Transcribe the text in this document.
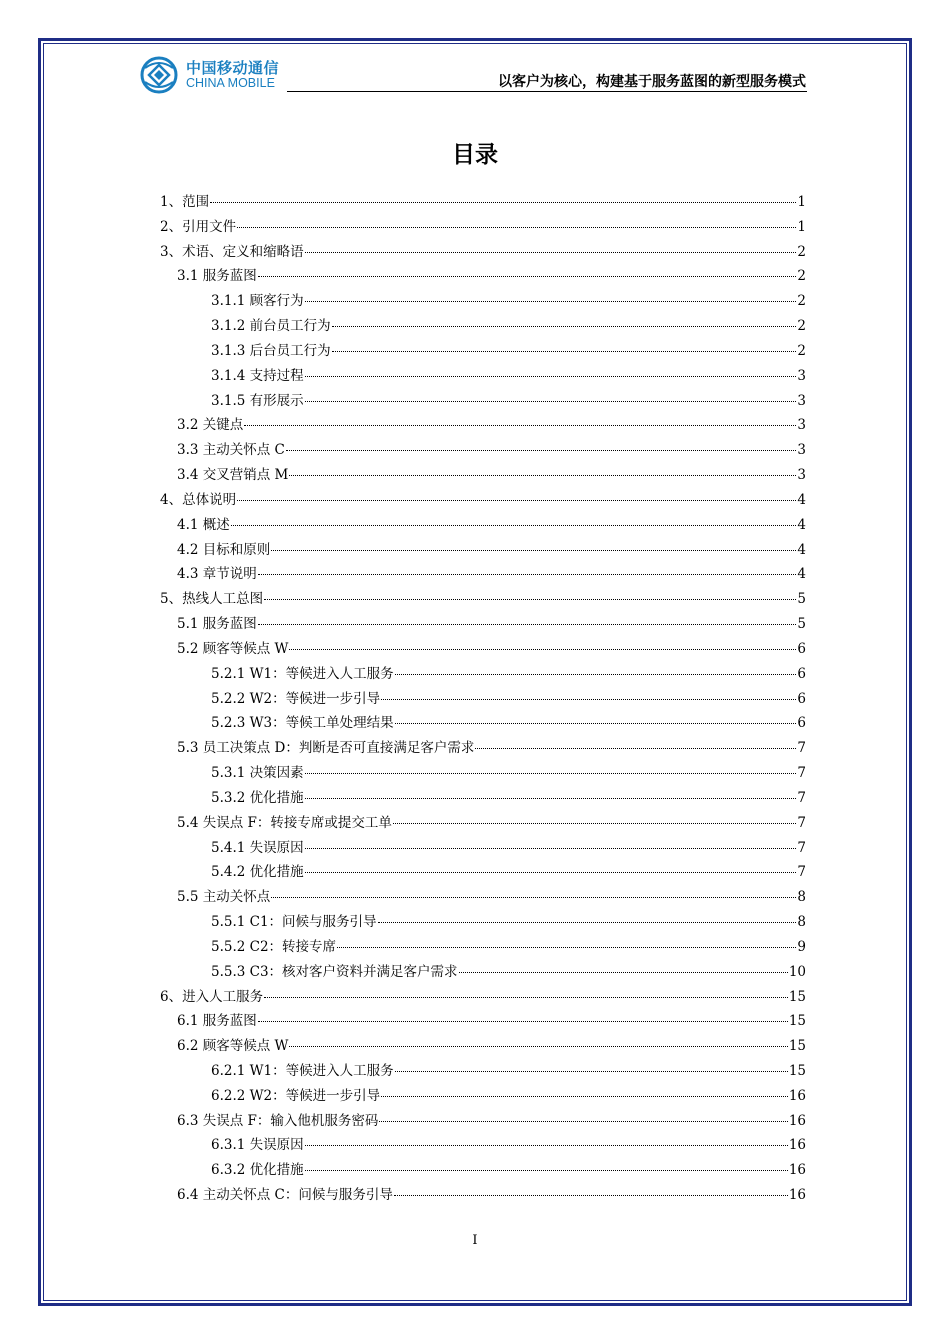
中国移动通信
CHINA MOBILE	以客户为核心，构建基于服务蓝图的新型服务模式
目录
1、范围	1
2、引用文件	1
3、术语、定义和缩略语	2
3.1 服务蓝图	2
3.1.1 顾客行为	2
3.1.2 前台员工行为	2
3.1.3 后台员工行为	2
3.1.4 支持过程	3
3.1.5 有形展示	3
3.2 关键点	3
3.3 主动关怀点 C	3
3.4 交叉营销点 M	3
4、总体说明	4
4.1 概述	4
4.2 目标和原则	4
4.3 章节说明	4
5、热线人工总图	5
5.1 服务蓝图	5
5.2 顾客等候点 W	6
5.2.1 W1：等候进入人工服务	6
5.2.2 W2：等候进一步引导	6
5.2.3 W3：等候工单处理结果	6
5.3 员工决策点 D：判断是否可直接满足客户需求	7
5.3.1 决策因素	7
5.3.2 优化措施	7
5.4 失误点 F：转接专席或提交工单	7
5.4.1 失误原因	7
5.4.2 优化措施	7
5.5 主动关怀点	8
5.5.1 C1：问候与服务引导	8
5.5.2 C2：转接专席	9
5.5.3 C3：核对客户资料并满足客户需求	10
6、进入人工服务	15
6.1 服务蓝图	15
6.2 顾客等候点 W	15
6.2.1 W1：等候进入人工服务	15
6.2.2 W2：等候进一步引导	16
6.3 失误点 F：输入他机服务密码	16
6.3.1 失误原因	16
6.3.2 优化措施	16
6.4 主动关怀点 C：问候与服务引导	16
I
